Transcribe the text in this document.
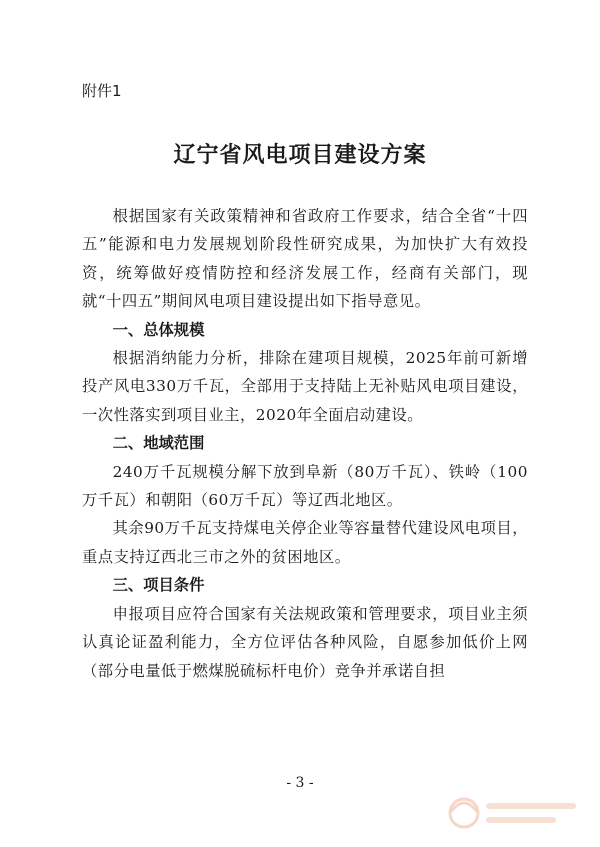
附件1
辽宁省风电项目建设方案

根据国家有关政策精神和省政府工作要求，结合全省“十四五”能源和电力发展规划阶段性研究成果，为加快扩大有效投资，统筹做好疫情防控和经济发展工作，经商有关部门，现就“十四五”期间风电项目建设提出如下指导意见。

一、总体规模

根据消纳能力分析，排除在建项目规模，2025年前可新增投产风电330万千瓦，全部用于支持陆上无补贴风电项目建设，一次性落实到项目业主，2020年全面启动建设。

二、地域范围

240万千瓦规模分解下放到阜新（80万千瓦）、铁岭（100万千瓦）和朝阳（60万千瓦）等辽西北地区。

其余90万千瓦支持煤电关停企业等容量替代建设风电项目，重点支持辽西北三市之外的贫困地区。

三、项目条件

申报项目应符合国家有关法规政策和管理要求，项目业主须认真论证盈利能力，全方位评估各种风险，自愿参加低价上网（部分电量低于燃煤脱硫标杆电价）竞争并承诺自担

- 3 -
